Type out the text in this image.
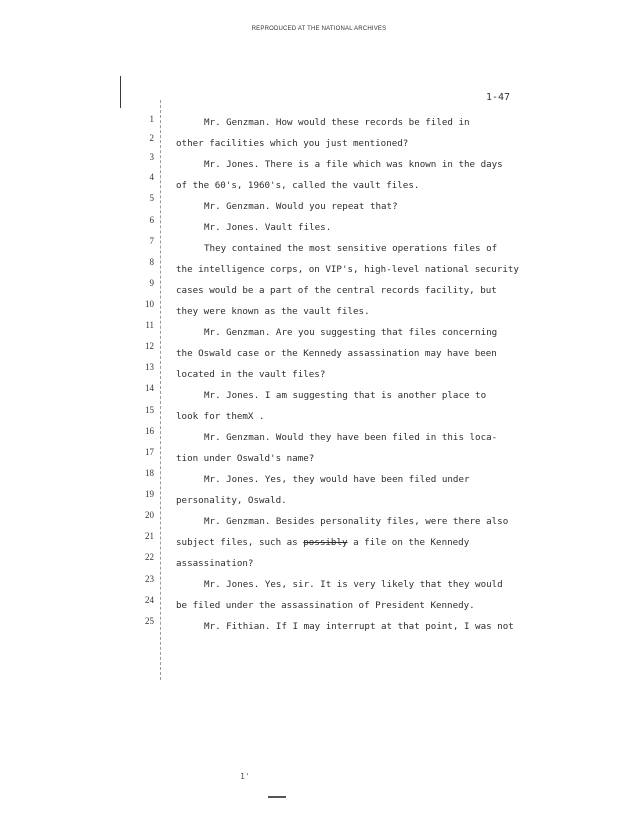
REPRODUCED AT THE NATIONAL ARCHIVES
1-47
1
2
3
4
5
6
7
8
9
10
11
12
13
14
15
16
17
18
19
20
21
22
23
24
25
Mr. Genzman. How would these records be filed in
other facilities which you just mentioned?
Mr. Jones. There is a file which was known in the days
of the 60's, 1960's, called the vault files.
Mr. Genzman. Would you repeat that?
Mr. Jones. Vault files.
They contained the most sensitive operations files of
the intelligence corps, on VIP's, high-level national security
cases would be a part of the central records facility, but
they were known as the vault files.
Mr. Genzman. Are you suggesting that files concerning
the Oswald case or the Kennedy assassination may have been
located in the vault files?
Mr. Jones. I am suggesting that is another place to
look for themX .
Mr. Genzman. Would they have been filed in this loca-
tion under Oswald's name?
Mr. Jones. Yes, they would have been filed under
personality, Oswald.
Mr. Genzman. Besides personality files, were there also
subject files, such as possibly a file on the Kennedy
assassination?
Mr. Jones. Yes, sir. It is very likely that they would
be filed under the assassination of President Kennedy.
Mr. Fithian. If I may interrupt at that point, I was not
1'
